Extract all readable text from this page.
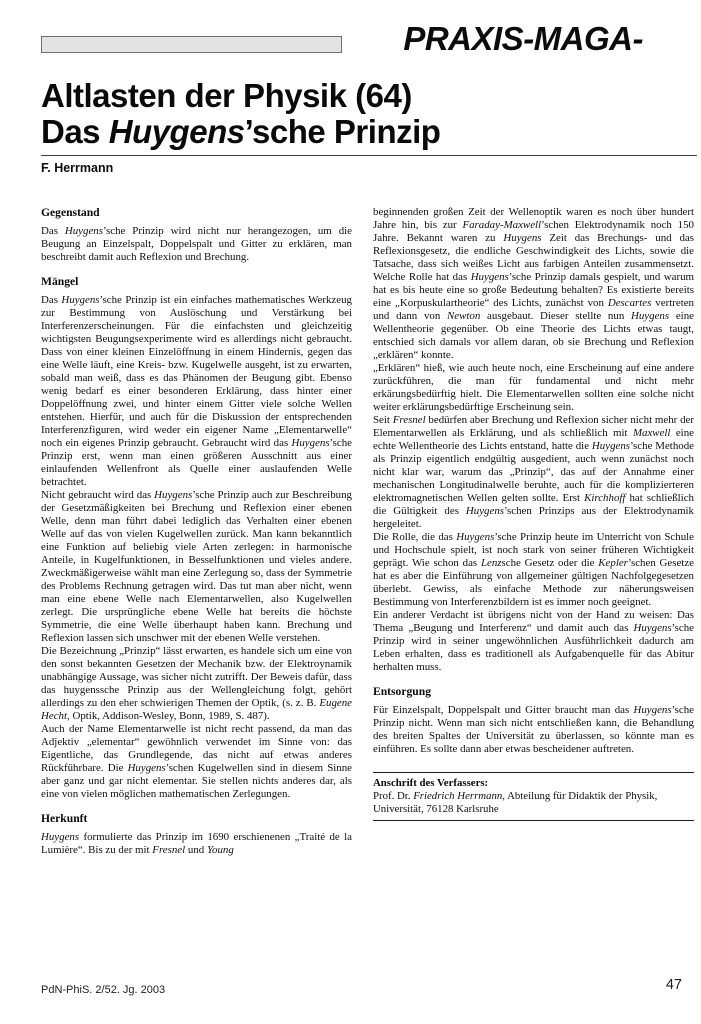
PRAXIS-MAGA-
Altlasten der Physik (64)
Das Huygens’sche Prinzip
F. Herrmann
Gegenstand

Das Huygens’sche Prinzip wird nicht nur herangezogen, um die Beugung an Einzelspalt, Doppelspalt und Gitter zu erklären, man beschreibt damit auch Reflexion und Brechung.

Mängel

Das Huygens’sche Prinzip ist ein einfaches mathematisches Werkzeug zur Bestimmung von Auslöschung und Verstärkung bei Interferenzerscheinungen. Für die einfachsten und gleichzeitig wichtigsten Beugungsexperimente wird es allerdings nicht gebraucht. Dass von einer kleinen Einzelöffnung in einem Hindernis, gegen das eine Welle läuft, eine Kreis- bzw. Kugelwelle ausgeht, ist zu erwarten, sobald man weiß, dass es das Phänomen der Beugung gibt. Ebenso wenig bedarf es einer besonderen Erklärung, dass hinter einer Doppelöffnung zwei, und hinter einem Gitter viele solche Wellen entstehen. Hierfür, und auch für die Diskussion der entsprechenden Interferenzfiguren, wird weder ein eigener Name „Elementarwelle“ noch ein eigenes Prinzip gebraucht. Gebraucht wird das Huygens’sche Prinzip erst, wenn man einen größeren Ausschnitt aus einer einlaufenden Wellenfront als Quelle einer auslaufenden Welle betrachtet.

Nicht gebraucht wird das Huygens’sche Prinzip auch zur Beschreibung der Gesetzmäßigkeiten bei Brechung und Reflexion einer ebenen Welle, denn man führt dabei lediglich das Verhalten einer ebenen Welle auf das von vielen Kugelwellen zurück. Man kann bekanntlich eine Funktion auf beliebig viele Arten zerlegen: in harmonische Anteile, in Kugelfunktionen, in Besselfunktionen und vieles andere. Zweckmäßigerweise wählt man eine Zerlegung so, dass der Symmetrie des Problems Rechnung getragen wird. Das tut man aber nicht, wenn man eine ebene Welle nach Elementarwellen, also Kugelwellen zerlegt. Die ursprüngliche ebene Welle hat bereits die höchste Symmetrie, die eine Welle überhaupt haben kann. Brechung und Reflexion lassen sich unschwer mit der ebenen Welle verstehen.

Die Bezeichnung „Prinzip“ lässt erwarten, es handele sich um eine von den sonst bekannten Gesetzen der Mechanik bzw. der Elektroynamik unabhängige Aussage, was sicher nicht zutrifft. Der Beweis dafür, dass das huygenssche Prinzip aus der Wellengleichung folgt, gehört allerdings zu den eher schwierigen Themen der Optik, (s. z. B. Eugene Hecht, Optik, Addison-Wesley, Bonn, 1989, S. 487).

Auch der Name Elementarwelle ist nicht recht passend, da man das Adjektiv „elementar“ gewöhnlich verwendet im Sinne von: das Eigentliche, das Grundlegende, das nicht auf etwas anderes Rückführbare. Die Huygens’schen Kugelwellen sind in diesem Sinne aber ganz und gar nicht elementar. Sie stellen nichts anderes dar, als eine von vielen möglichen mathematischen Zerlegungen.

Herkunft

Huygens formulierte das Prinzip im 1690 erschienenen „Traité de la Lumière“. Bis zu der mit Fresnel und Young

beginnenden großen Zeit der Wellenoptik waren es noch über hundert Jahre hin, bis zur Faraday-Maxwell’schen Elektrodynamik noch 150 Jahre. Bekannt waren zu Huygens Zeit das Brechungs- und das Reflexionsgesetz, die endliche Geschwindigkeit des Lichts, sowie die Tatsache, dass sich weißes Licht aus farbigen Anteilen zusammensetzt. Welche Rolle hat das Huygens’sche Prinzip damals gespielt, und warum hat es bis heute eine so große Bedeutung behalten? Es existierte bereits eine „Korpuskulartheorie“ des Lichts, zunächst von Descartes vertreten und dann von Newton ausgebaut. Dieser stellte nun Huygens eine Wellentheorie gegenüber. Ob eine Theorie des Lichts etwas taugt, entschied sich damals vor allem daran, ob sie Brechung und Reflexion „erklären“ konnte.

„Erklären“ hieß, wie auch heute noch, eine Erscheinung auf eine andere zurückführen, die man für fundamental und nicht mehr erkärungsbedürftig hielt. Die Elementarwellen sollten eine solche nicht weiter erklärungsbedürftige Erscheinung sein.

Seit Fresnel bedürfen aber Brechung und Reflexion sicher nicht mehr der Elementarwellen als Erklärung, und als schließlich mit Maxwell eine echte Wellentheorie des Lichts entstand, hatte die Huygens’sche Methode als Prinzip eigentlich endgültig ausgedient, auch wenn zunächst noch nicht klar war, warum das „Prinzip“, das auf der Annahme einer mechanischen Longitudinalwelle beruhte, auch für die komplizierteren elektromagnetischen Wellen gelten sollte. Erst Kirchhoff hat schließlich die Gültigkeit des Huygens’schen Prinzips aus der Elektrodynamik hergeleitet.

Die Rolle, die das Huygens’sche Prinzip heute im Unterricht von Schule und Hochschule spielt, ist noch stark von seiner früheren Wichtigkeit geprägt. Wie schon das Lenzsche Gesetz oder die Kepler’schen Gesetze hat es aber die Einführung von allgemeiner gültigen Nachfolgegesetzen überlebt. Gewiss, als einfache Methode zur näherungsweisen Bestimmung von Interferenzbildern ist es immer noch geeignet.

Ein anderer Verdacht ist übrigens nicht von der Hand zu weisen: Das Thema „Beugung und Interferenz“ und damit auch das Huygens’sche Prinzip wird in seiner ungewöhnlichen Ausführlichkeit dadurch am Leben erhalten, dass es traditionell als Aufgabenquelle für das Abitur herhalten muss.

Entsorgung

Für Einzelspalt, Doppelspalt und Gitter braucht man das Huygens’sche Prinzip nicht. Wenn man sich nicht entschließen kann, die Behandlung des breiten Spaltes der Universität zu überlassen, so könnte man es einführen. Es sollte dann aber etwas bescheidener auftreten.

Anschrift des Verfassers:
Prof. Dr. Friedrich Herrmann, Abteilung für Didaktik der Physik, Universität, 76128 Karlsruhe
PdN-PhiS. 2/52. Jg. 2003	47
